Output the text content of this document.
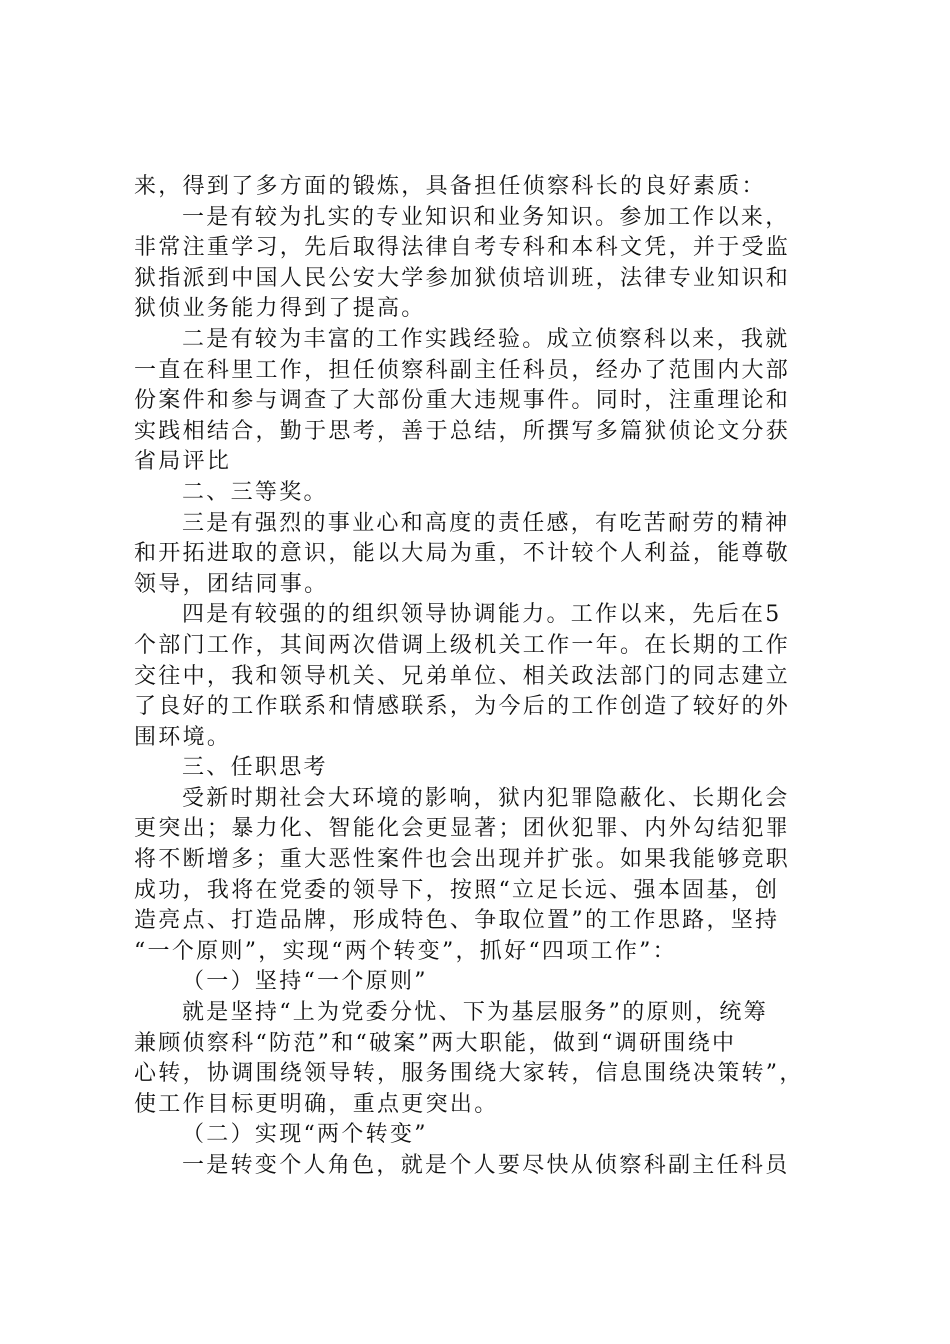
来，得到了多方面的锻炼，具备担任侦察科长的良好素质：
一是有较为扎实的专业知识和业务知识。参加工作以来，
非常注重学习，先后取得法律自考专科和本科文凭，并于受监
狱指派到中国人民公安大学参加狱侦培训班，法律专业知识和
狱侦业务能力得到了提高。
二是有较为丰富的工作实践经验。成立侦察科以来，我就
一直在科里工作，担任侦察科副主任科员，经办了范围内大部
份案件和参与调查了大部份重大违规事件。同时，注重理论和
实践相结合，勤于思考，善于总结，所撰写多篇狱侦论文分获
省局评比
二、三等奖。
三是有强烈的事业心和高度的责任感，有吃苦耐劳的精神
和开拓进取的意识，能以大局为重，不计较个人利益，能尊敬
领导，团结同事。
四是有较强的的组织领导协调能力。工作以来，先后在5
个部门工作，其间两次借调上级机关工作一年。在长期的工作
交往中，我和领导机关、兄弟单位、相关政法部门的同志建立
了良好的工作联系和情感联系，为今后的工作创造了较好的外
围环境。
三、任职思考
受新时期社会大环境的影响，狱内犯罪隐蔽化、长期化会
更突出；暴力化、智能化会更显著；团伙犯罪、内外勾结犯罪
将不断增多；重大恶性案件也会出现并扩张。如果我能够竞职
成功，我将在党委的领导下，按照“立足长远、强本固基，创
造亮点、打造品牌，形成特色、争取位置”的工作思路，坚持
“一个原则”，实现“两个转变”，抓好“四项工作”：
（一）坚持“一个原则”
就是坚持“上为党委分忧、下为基层服务”的原则，统筹
兼顾侦察科“防范”和“破案”两大职能，做到“调研围绕中
心转，协调围绕领导转，服务围绕大家转，信息围绕决策转”，
使工作目标更明确，重点更突出。
（二）实现“两个转变”
一是转变个人角色，就是个人要尽快从侦察科副主任科员
